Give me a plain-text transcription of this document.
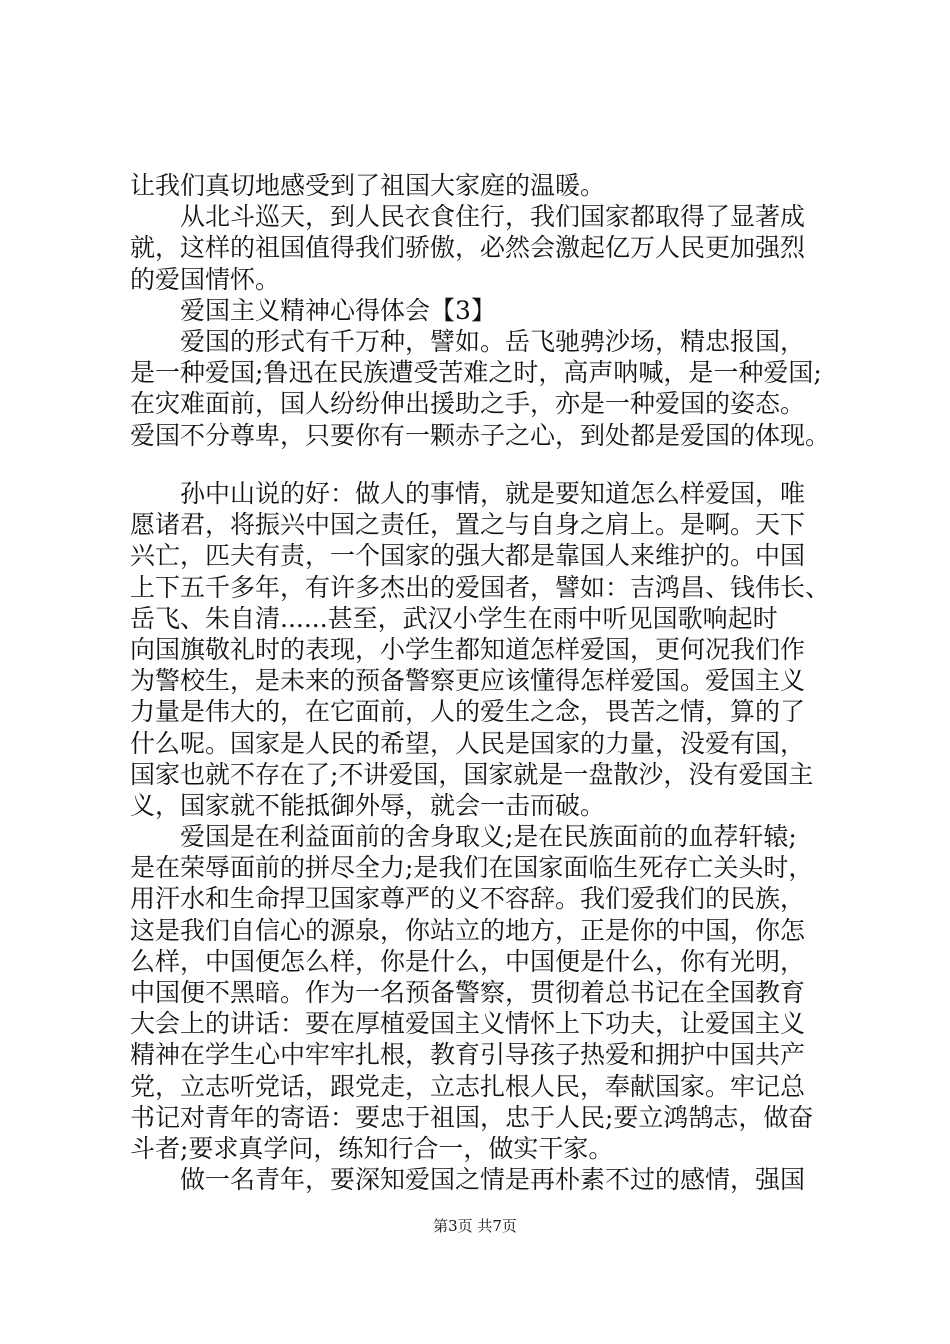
让我们真切地感受到了祖国大家庭的温暖。
从北斗巡天，到人民衣食住行，我们国家都取得了显著成
就，这样的祖国值得我们骄傲，必然会激起亿万人民更加强烈
的爱国情怀。
爱国主义精神心得体会【3】
爱国的形式有千万种，譬如。岳飞驰骋沙场，精忠报国，
是一种爱国;鲁迅在民族遭受苦难之时，高声呐喊，是一种爱国;
在灾难面前，国人纷纷伸出援助之手，亦是一种爱国的姿态。
爱国不分尊卑，只要你有一颗赤子之心，到处都是爱国的体现。
孙中山说的好：做人的事情，就是要知道怎么样爱国，唯
愿诸君，将振兴中国之责任，置之与自身之肩上。是啊。天下
兴亡，匹夫有责，一个国家的强大都是靠国人来维护的。中国
上下五千多年，有许多杰出的爱国者，譬如：吉鸿昌、钱伟长、
岳飞、朱自清......甚至，武汉小学生在雨中听见国歌响起时
向国旗敬礼时的表现，小学生都知道怎样爱国，更何况我们作
为警校生，是未来的预备警察更应该懂得怎样爱国。爱国主义
力量是伟大的，在它面前，人的爱生之念，畏苦之情，算的了
什么呢。国家是人民的希望，人民是国家的力量，没爱有国，
国家也就不存在了;不讲爱国，国家就是一盘散沙，没有爱国主
义，国家就不能抵御外辱，就会一击而破。
爱国是在利益面前的舍身取义;是在民族面前的血荐轩辕;
是在荣辱面前的拼尽全力;是我们在国家面临生死存亡关头时，
用汗水和生命捍卫国家尊严的义不容辞。我们爱我们的民族，
这是我们自信心的源泉，你站立的地方，正是你的中国，你怎
么样，中国便怎么样，你是什么，中国便是什么，你有光明，
中国便不黑暗。作为一名预备警察，贯彻着总书记在全国教育
大会上的讲话：要在厚植爱国主义情怀上下功夫，让爱国主义
精神在学生心中牢牢扎根，教育引导孩子热爱和拥护中国共产
党，立志听党话，跟党走，立志扎根人民，奉献国家。牢记总
书记对青年的寄语：要忠于祖国，忠于人民;要立鸿鹄志，做奋
斗者;要求真学问，练知行合一，做实干家。
做一名青年，要深知爱国之情是再朴素不过的感情，强国
第3页 共7页
